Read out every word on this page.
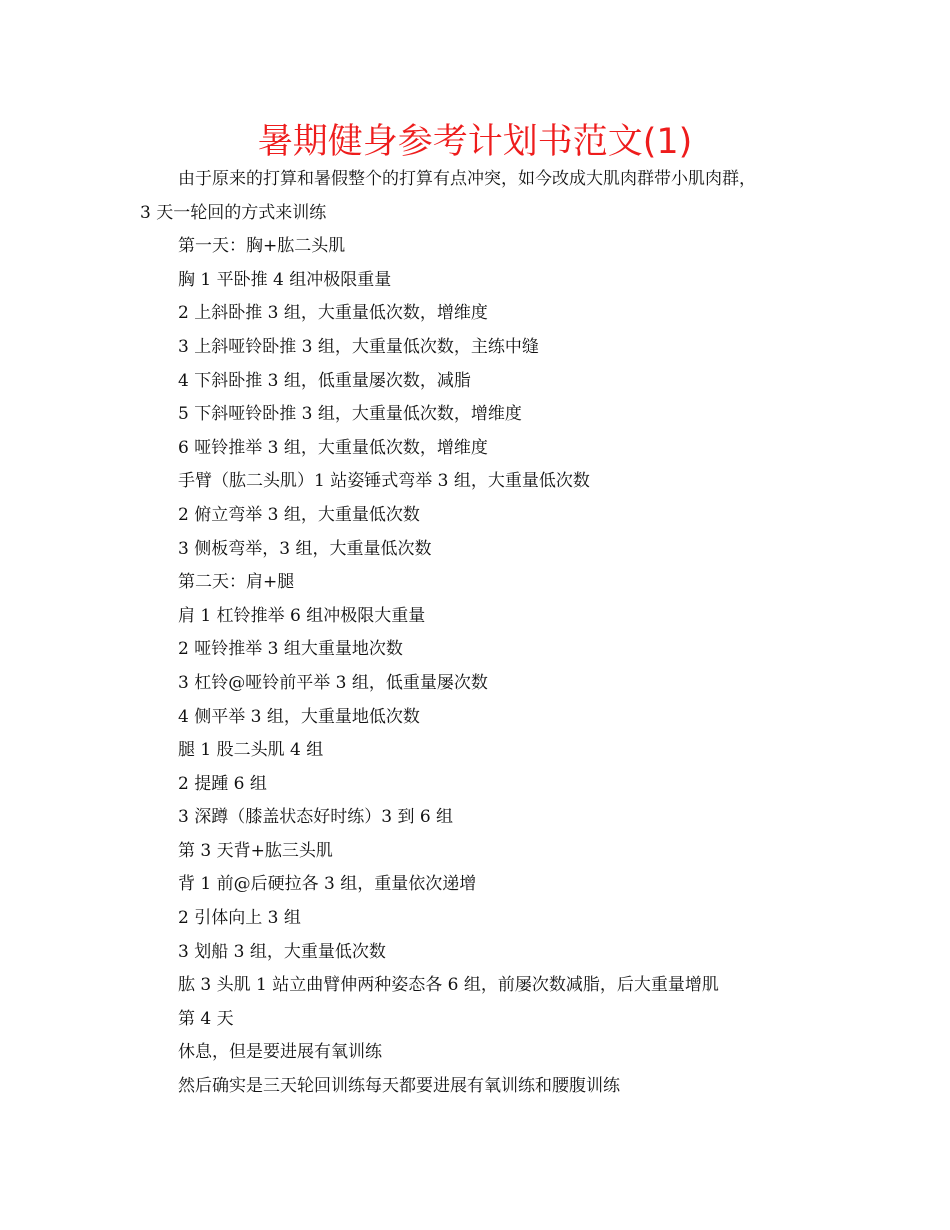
暑期健身参考计划书范文(1)
由于原来的打算和暑假整个的打算有点冲突，如今改成大肌肉群带小肌肉群，
3 天一轮回的方式来训练
第一天：胸+肱二头肌
胸 1 平卧推 4 组冲极限重量
2 上斜卧推 3 组，大重量低次数，增维度
3 上斜哑铃卧推 3 组，大重量低次数，主练中缝
4 下斜卧推 3 组，低重量屡次数，减脂
5 下斜哑铃卧推 3 组，大重量低次数，增维度
6 哑铃推举 3 组，大重量低次数，增维度
手臂（肱二头肌）1 站姿锤式弯举 3 组，大重量低次数
2 俯立弯举 3 组，大重量低次数
3 侧板弯举，3 组，大重量低次数
第二天：肩+腿
肩 1 杠铃推举 6 组冲极限大重量
2 哑铃推举 3 组大重量地次数
3 杠铃@哑铃前平举 3 组，低重量屡次数
4 侧平举 3 组，大重量地低次数
腿 1 股二头肌 4 组
2 提踵 6 组
3 深蹲（膝盖状态好时练）3 到 6 组
第 3 天背+肱三头肌
背 1 前@后硬拉各 3 组，重量依次递增
2 引体向上 3 组
3 划船 3 组，大重量低次数
肱 3 头肌 1 站立曲臂伸两种姿态各 6 组，前屡次数减脂，后大重量增肌
第 4 天
休息，但是要进展有氧训练
然后确实是三天轮回训练每天都要进展有氧训练和腰腹训练
